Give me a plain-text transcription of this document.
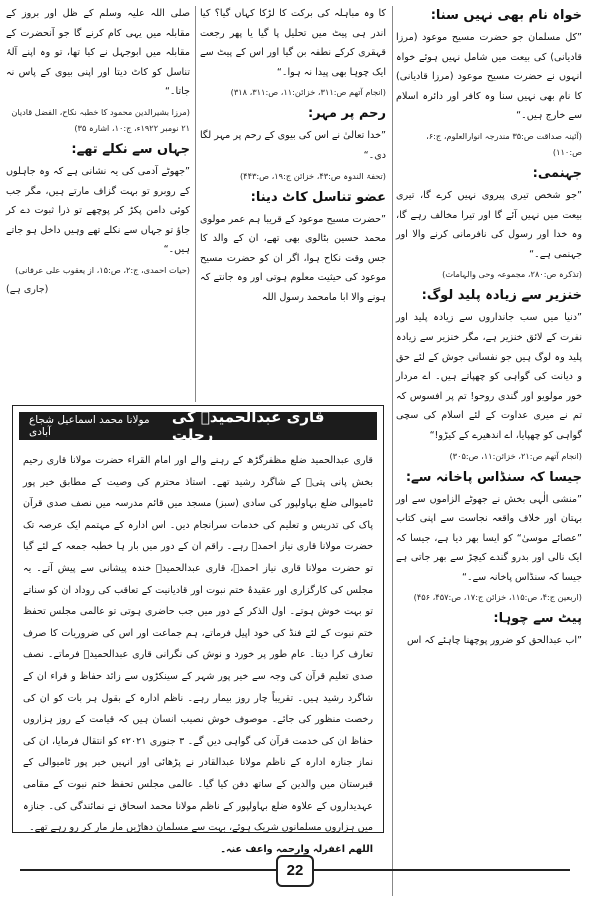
خواہ نام بھی نہیں سنا:

”کل مسلمان جو حضرت مسیح موعود (مرزا قادیانی) کی بیعت میں شامل نہیں ہوئے خواہ انہوں نے حضرت مسیح موعود (مرزا قادیانی) کا نام بھی نہیں سنا وہ کافر اور دائرہ اسلام سے خارج ہیں۔“

(آئینہ صداقت ص:۳۵ مندرجہ انوارالعلوم، ج:۶، ص:۱۱۰)
جہنمی:

”جو شخص تیری پیروی نہیں کرے گا، تیری بیعت میں نہیں آئے گا اور تیرا مخالف رہے گا، وہ خدا اور رسول کی نافرمانی کرنے والا اور جہنمی ہے۔“

(تذکرہ ص:۲۸۰، مجموعہ وحی والہامات)
خنزیر سے زیادہ پلید لوگ:

”دنیا میں سب جانداروں سے زیادہ پلید اور نفرت کے لائق خنزیر ہے، مگر خنزیر سے زیادہ پلید وہ لوگ ہیں جو نفسانی جوش کے لئے حق و دیانت کی گواہی کو چھپاتے ہیں۔ اے مردار خور مولویو اور گندی روحو! تم پر افسوس کہ تم نے میری عداوت کے لئے اسلام کی سچی گواہی کو چھپایا، اے اندھیرے کے کیڑو!“

(انجام آتھم ص:۲۱، خزائن:۱۱، ص:۳۰۵)
جیسا کہ سنڈاس پاخانہ سے:

”منشی الٰہی بخش نے جھوٹے الزاموں سے اور بہتان اور خلاف واقعہ نجاست سے اپنی کتاب ”عصائے موسیٰ“ کو ایسا بھر دیا ہے، جیسا کہ ایک نالی اور بدرو گندے کیچڑ سے بھر جاتی ہے جیسا کہ سنڈاس پاخانہ سے۔“

(اربعین ج:۴، ص:۱۱۵، خزائن ج:۱۷، ص:۴۵۷، ۴۵۶)
پیٹ سے چوہا:

”اب عبدالحق کو ضرور پوچھنا چاہئے کہ اس

کا وہ مباہلہ کی برکت کا لڑکا کہاں گیا؟ کیا اندر ہی پیٹ میں تحلیل پا گیا یا پھر رجعت قہقری کرکے نطفہ بن گیا اور اس کے پیٹ سے ایک چوہا بھی پیدا نہ ہوا۔“

(انجام آتھم ص:۳۱۱، خزائن:۱۱، ص:۳۱۱، ۳۱۸)
رحم پر مہر:

”خدا تعالیٰ نے اس کی بیوی کے رحم پر مہر لگا دی۔“

(تحفۃ الندوہ ص:۴۳، خزائن ج:۱۹، ص:۴۴۳)
عضو تناسل کاٹ دینا:

”حضرت مسیح موعود کے قریبا ہم عمر مولوی محمد حسین بٹالوی بھی تھے، ان کے والد کا جس وقت نکاح ہوا، اگر ان کو حضرت مسیح موعود کی حیثیت معلوم ہوتی اور وہ جانتے کہ ہونے والا ابا مامحمد رسول اللہ

صلی اللہ علیہ وسلم کے ظل اور بروز کے مقابلہ میں یہی کام کرنے گا جو آنحضرت کے مقابلہ میں ابوجہل نے کیا تھا، تو وہ اپنے آلۂ تناسل کو کاٹ دیتا اور اپنی بیوی کے پاس نہ جاتا۔“

(مرزا بشیرالدین محمود کا خطبہ نکاح، الفضل قادیان ۲۱ نومبر ۱۹۲۲ء، ج:۱۰، اشارہ ۳۵)
جہاں سے نکلے تھے:

”جھوٹے آدمی کی یہ نشانی ہے کہ وہ جاہلوں کے روبرو تو بہت گزاف مارتے ہیں، مگر جب کوئی دامن پکڑ کر پوچھے تو ذرا ثبوت دے کر جاؤ تو جہاں سے نکلے تھے وہیں داخل ہو جاتے ہیں۔“

(حیات احمدی، ج:۲، ص:۱۵، از یعقوب علی عرفانی)
(جاری ہے)
قاری عبدالحمیدؒ کی رحلت
مولانا محمد اسماعیل شجاع آبادی
قاری عبدالحمید ضلع مظفرگڑھ کے رہنے والے اور امام القراء حضرت مولانا قاری رحیم بخش پانی پتیؒ کے شاگرد رشید تھے۔ استاذ محترم کی وصیت کے مطابق خیر پور ٹامیوالی ضلع بہاولپور کی سادی (سبز) مسجد میں قائم مدرسہ میں نصف صدی قرآن پاک کی تدریس و تعلیم کی خدمات سرانجام دیں۔ اس ادارہ کے مہتمم ایک عرصہ تک حضرت مولانا قاری نیاز احمدؒ رہے۔ راقم ان کے دور میں بار ہا خطبہ جمعہ کے لئے گیا تو حضرت مولانا قاری نیاز احمدؒ، قاری عبدالحمیدؒ خندہ پیشانی سے پیش آتے۔ یہ مجلس کی کارگزاری اور عقیدۂ ختم نبوت اور قادیانیت کے تعاقب کی روداد ان کو سناتے تو بہت خوش ہوتے۔ اول الذکر کے دور میں جب حاضری ہوتی تو عالمی مجلس تحفظ ختم نبوت کے لئے فنڈ کی خود اپیل فرماتے، ہم جماعت اور اس کی ضروریات کا صرف تعارف کرا دیتا۔ عام طور پر خورد و نوش کی نگرانی قاری عبدالحمیدؒ فرماتے۔ نصف صدی تعلیم قرآن کی وجہ سے خیر پور شہر کے سینکڑوں سے زائد حفاظ و قراء ان کے شاگرد رشید ہیں۔ تقریباً چار روز بیمار رہے۔ ناظم ادارہ کے بقول ہر بات کو ان کی رخصت منظور کی جائے۔ موصوف خوش نصیب انسان ہیں کہ قیامت کے روز ہزاروں حفاظ ان کی خدمت قرآن کی گواہی دیں گے۔ ۳ جنوری ۲۰۲۱ء کو انتقال فرمایا، ان کی نماز جنازہ ادارہ کے ناظم مولانا عبدالقادر نے پڑھائی اور انہیں خیر پور ٹامیوالی کے قبرستان میں والدین کے ساتھ دفن کیا گیا۔ عالمی مجلس تحفظ ختم نبوت کے مقامی عہدیداروں کے علاوہ ضلع بہاولپور کے ناظم مولانا محمد اسحاق نے نمائندگی کی۔ جنازہ میں ہزاروں مسلمانوں شریک ہوئے، بہت سے مسلمان دھاڑیں مار مار کر رو رہے تھے۔
اللھم اغفرلہ وارحمہ واعف عنہ۔
22
